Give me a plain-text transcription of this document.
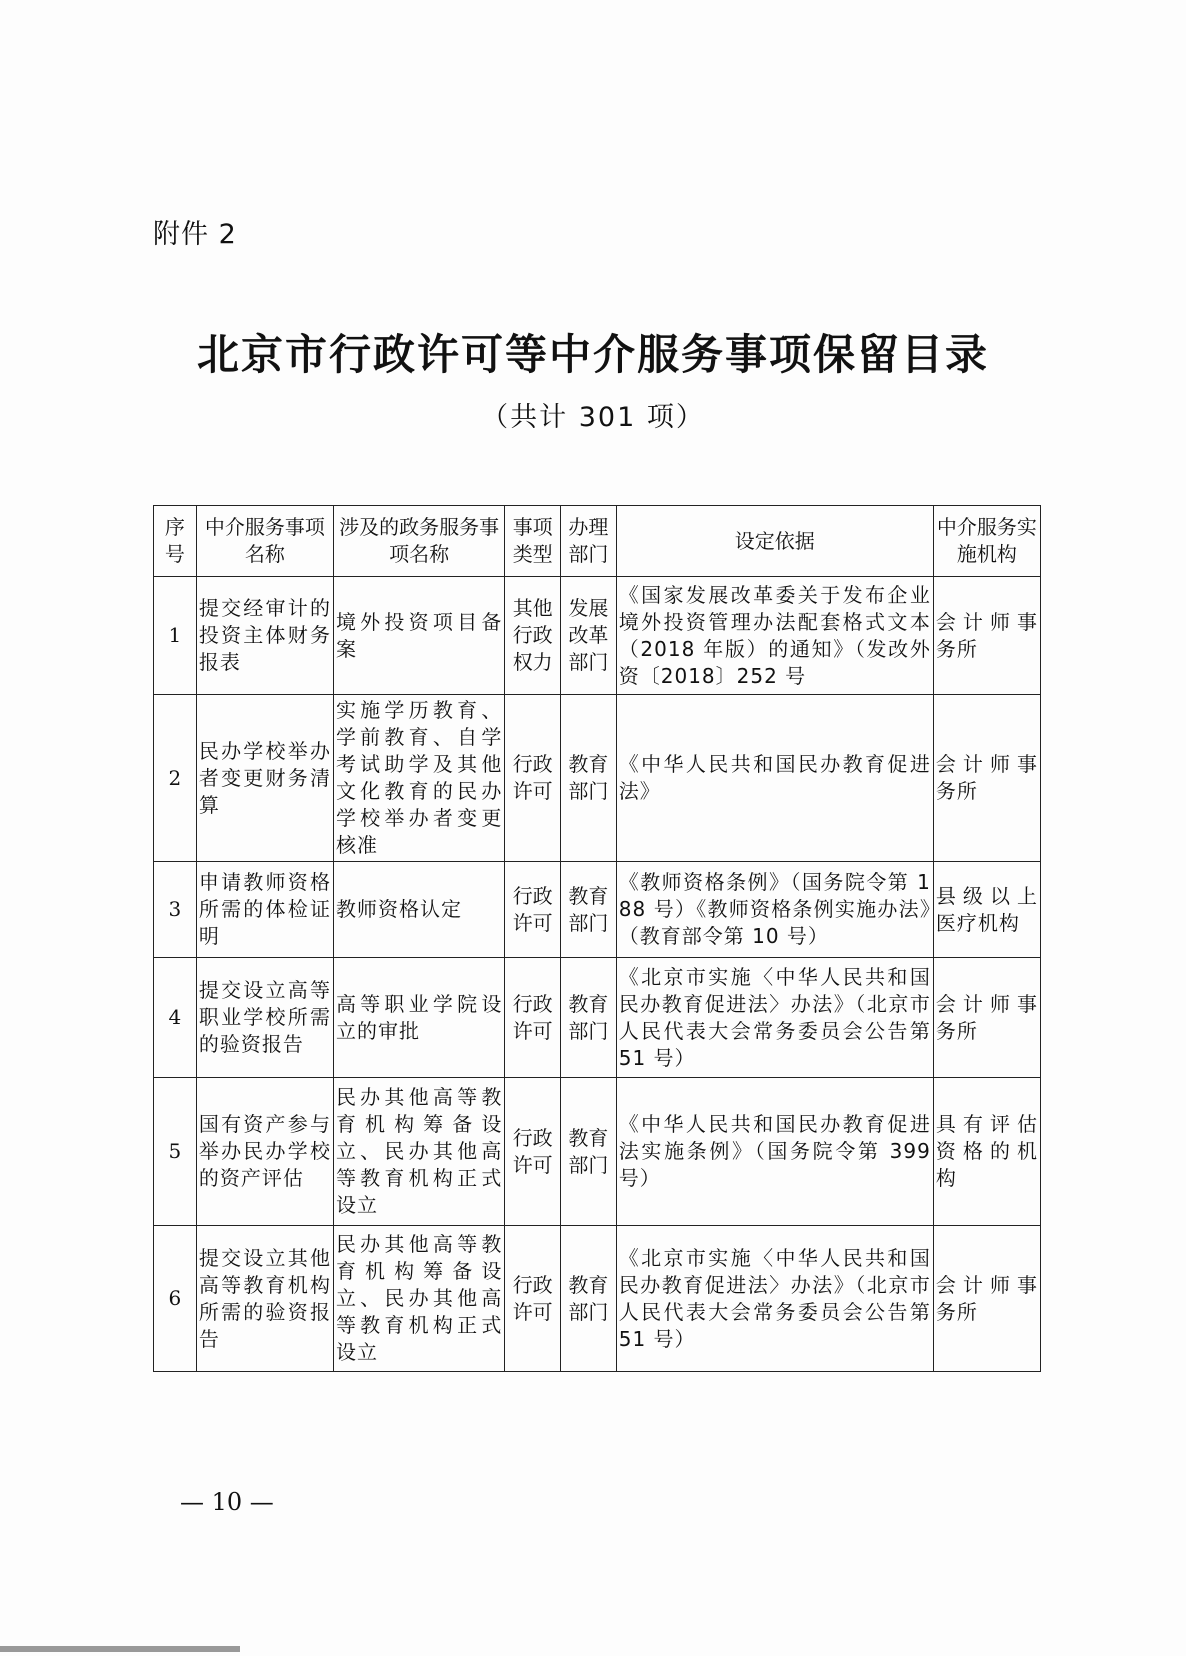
附件 2
北京市行政许可等中介服务事项保留目录
（共计 301 项）
序号	中介服务事项名称	涉及的政务服务事项名称	事项类型	办理部门	设定依据	中介服务实施机构
1	提交经审计的投资主体财务报表	境外投资项目备案	其他行政权力	发展改革部门	《国家发展改革委关于发布企业境外投资管理办法配套格式文本（2018 年版）的通知》（发改外资〔2018〕252 号	会计师事务所
2	民办学校举办者变更财务清算	实施学历教育、学前教育、自学考试助学及其他文化教育的民办学校举办者变更核准	行政许可	教育部门	《中华人民共和国民办教育促进法》	会计师事务所
3	申请教师资格所需的体检证明	教师资格认定	行政许可	教育部门	《教师资格条例》（国务院令第 188 号）《教师资格条例实施办法》（教育部令第 10 号）	县级以上医疗机构
4	提交设立高等职业学校所需的验资报告	高等职业学院设立的审批	行政许可	教育部门	《北京市实施〈中华人民共和国民办教育促进法〉办法》（北京市人民代表大会常务委员会公告第 51 号）	会计师事务所
5	国有资产参与举办民办学校的资产评估	民办其他高等教育机构筹备设立、民办其他高等教育机构正式设立	行政许可	教育部门	《中华人民共和国民办教育促进法实施条例》（国务院令第 399 号）	具有评估资格的机构
6	提交设立其他高等教育机构所需的验资报告	民办其他高等教育机构筹备设立、民办其他高等教育机构正式设立	行政许可	教育部门	《北京市实施〈中华人民共和国民办教育促进法〉办法》（北京市人民代表大会常务委员会公告第 51 号）	会计师事务所
— 10 —
